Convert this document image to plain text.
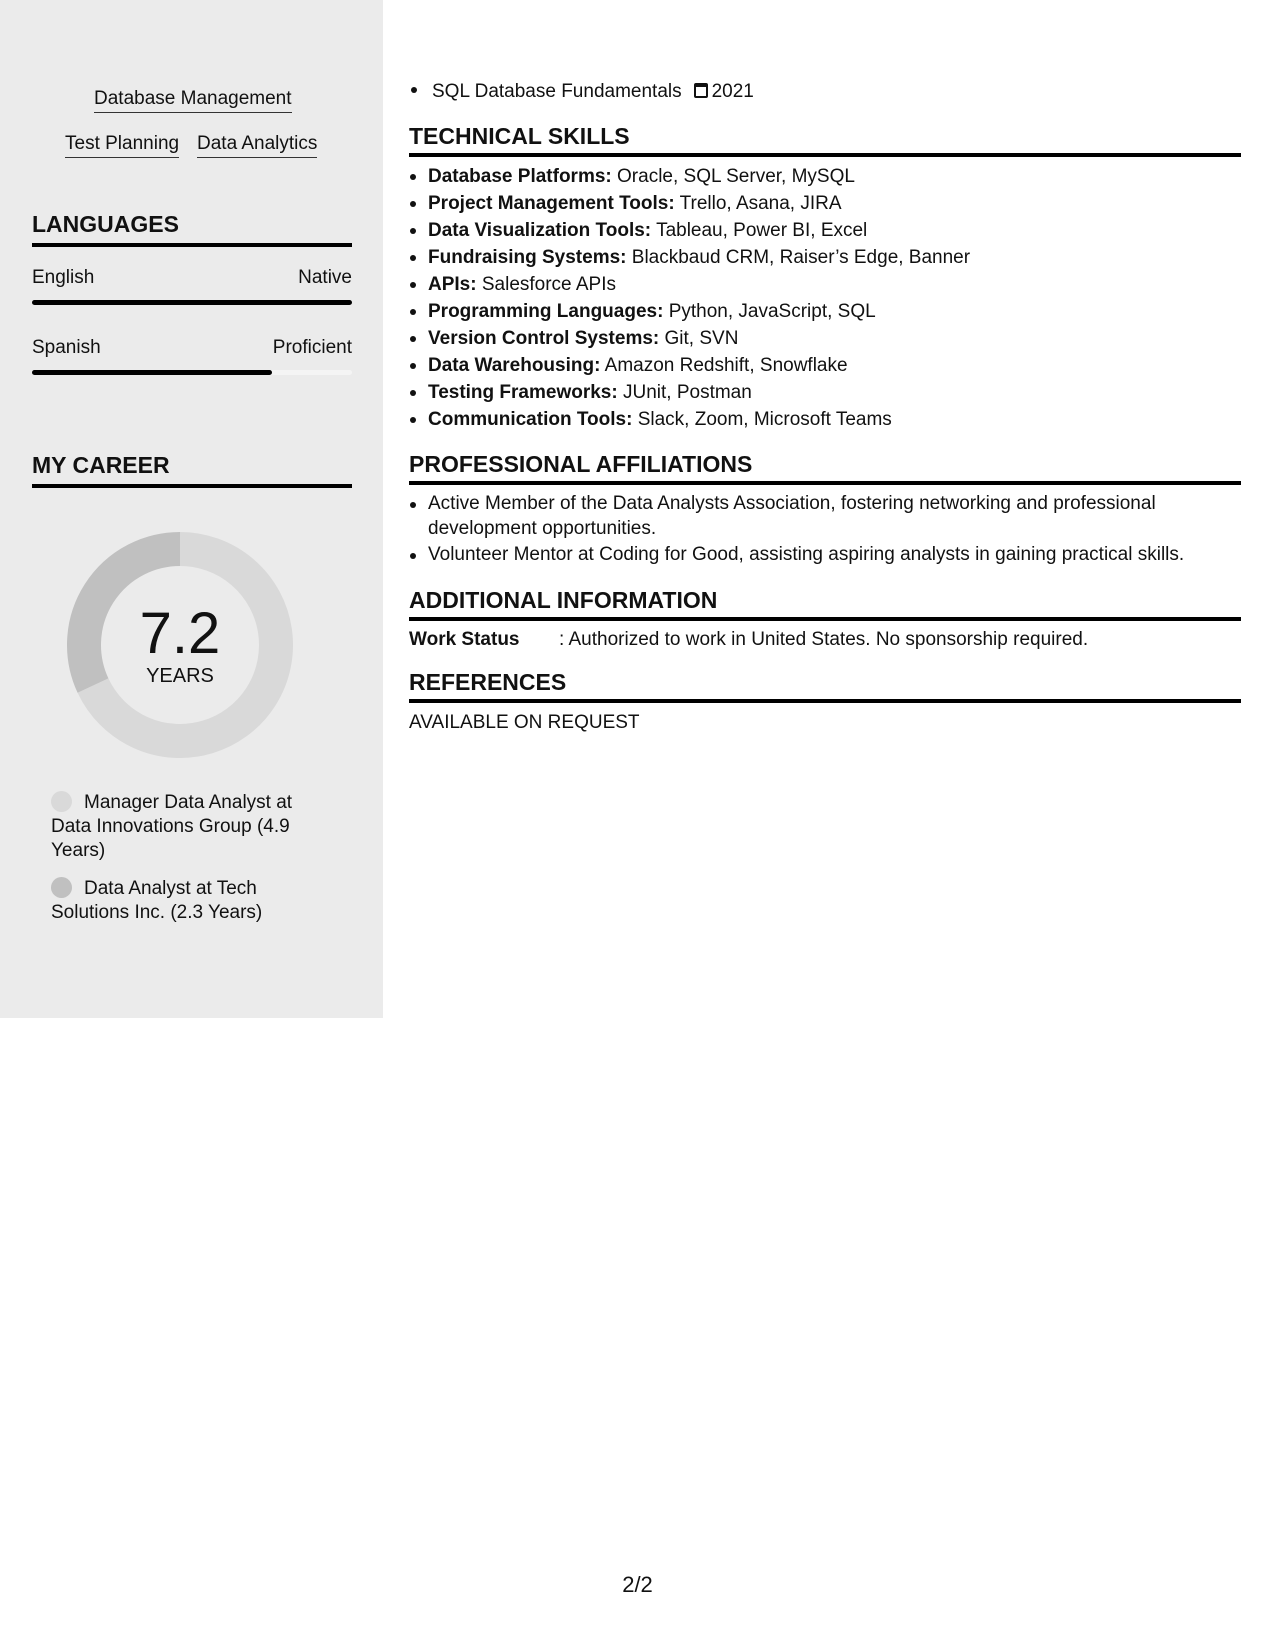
Database Management
Test Planning Data Analytics
LANGUAGES
English	Native
Spanish	Proficient
MY CAREER
7.2
YEARS
Manager Data Analyst at Data Innovations Group (4.9 Years)
Data Analyst at Tech Solutions Inc. (2.3 Years)
SQL Database Fundamentals 2021
TECHNICAL SKILLS
Database Platforms: Oracle, SQL Server, MySQL
Project Management Tools: Trello, Asana, JIRA
Data Visualization Tools: Tableau, Power BI, Excel
Fundraising Systems: Blackbaud CRM, Raiser’s Edge, Banner
APIs: Salesforce APIs
Programming Languages: Python, JavaScript, SQL
Version Control Systems: Git, SVN
Data Warehousing: Amazon Redshift, Snowflake
Testing Frameworks: JUnit, Postman
Communication Tools: Slack, Zoom, Microsoft Teams
PROFESSIONAL AFFILIATIONS
Active Member of the Data Analysts Association, fostering networking and professional development opportunities.
Volunteer Mentor at Coding for Good, assisting aspiring analysts in gaining practical skills.
ADDITIONAL INFORMATION
Work Status : Authorized to work in United States. No sponsorship required.
REFERENCES
AVAILABLE ON REQUEST
2/2
